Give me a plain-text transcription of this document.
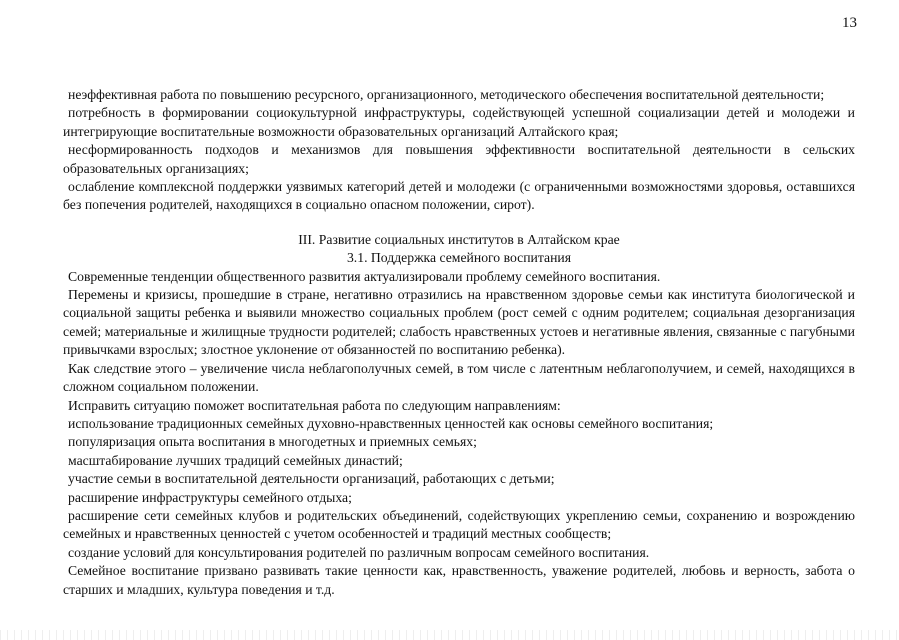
13

неэффективная работа по повышению ресурсного, организационного, методического обеспечения воспитательной деятельности;

потребность в формировании социокультурной инфраструктуры, содействующей успешной социализации детей и молодежи и интегрирующие воспитательные возможности образовательных организаций Алтайского края;

несформированность подходов и механизмов для повышения эффективности воспитательной деятельности в сельских образовательных организациях;

ослабление комплексной поддержки уязвимых категорий детей и молодежи (с ограниченными возможностями здоровья, оставшихся без попечения родителей, находящихся в социально опасном положении, сирот).

III. Развитие социальных институтов в Алтайском крае

3.1. Поддержка семейного воспитания

Современные тенденции общественного развития актуализировали проблему семейного воспитания.

Перемены и кризисы, прошедшие в стране, негативно отразились на нравственном здоровье семьи как института биологической и социальной защиты ребенка и выявили множество социальных проблем (рост семей с одним родителем; социальная дезорганизация семей; материальные и жилищные трудности родителей; слабость нравственных устоев и негативные явления, связанные с пагубными привычками взрослых; злостное уклонение от обязанностей по воспитанию ребенка).

Как следствие этого – увеличение числа неблагополучных семей, в том числе с латентным неблагополучием, и семей, находящихся в сложном социальном положении.

Исправить ситуацию поможет воспитательная работа по следующим направлениям:

использование традиционных семейных духовно-нравственных ценностей как основы семейного воспитания;

популяризация опыта воспитания в многодетных и приемных семьях;

масштабирование лучших традиций семейных династий;

участие семьи в воспитательной деятельности организаций, работающих с детьми;

расширение инфраструктуры семейного отдыха;

расширение сети семейных клубов и родительских объединений, содействующих укреплению семьи, сохранению и возрождению семейных и нравственных ценностей с учетом особенностей и традиций местных сообществ;

создание условий для консультирования родителей по различным вопросам семейного воспитания.

Семейное воспитание призвано развивать такие ценности как, нравственность, уважение родителей, любовь и верность, забота о старших и младших, культура поведения и т.д.
